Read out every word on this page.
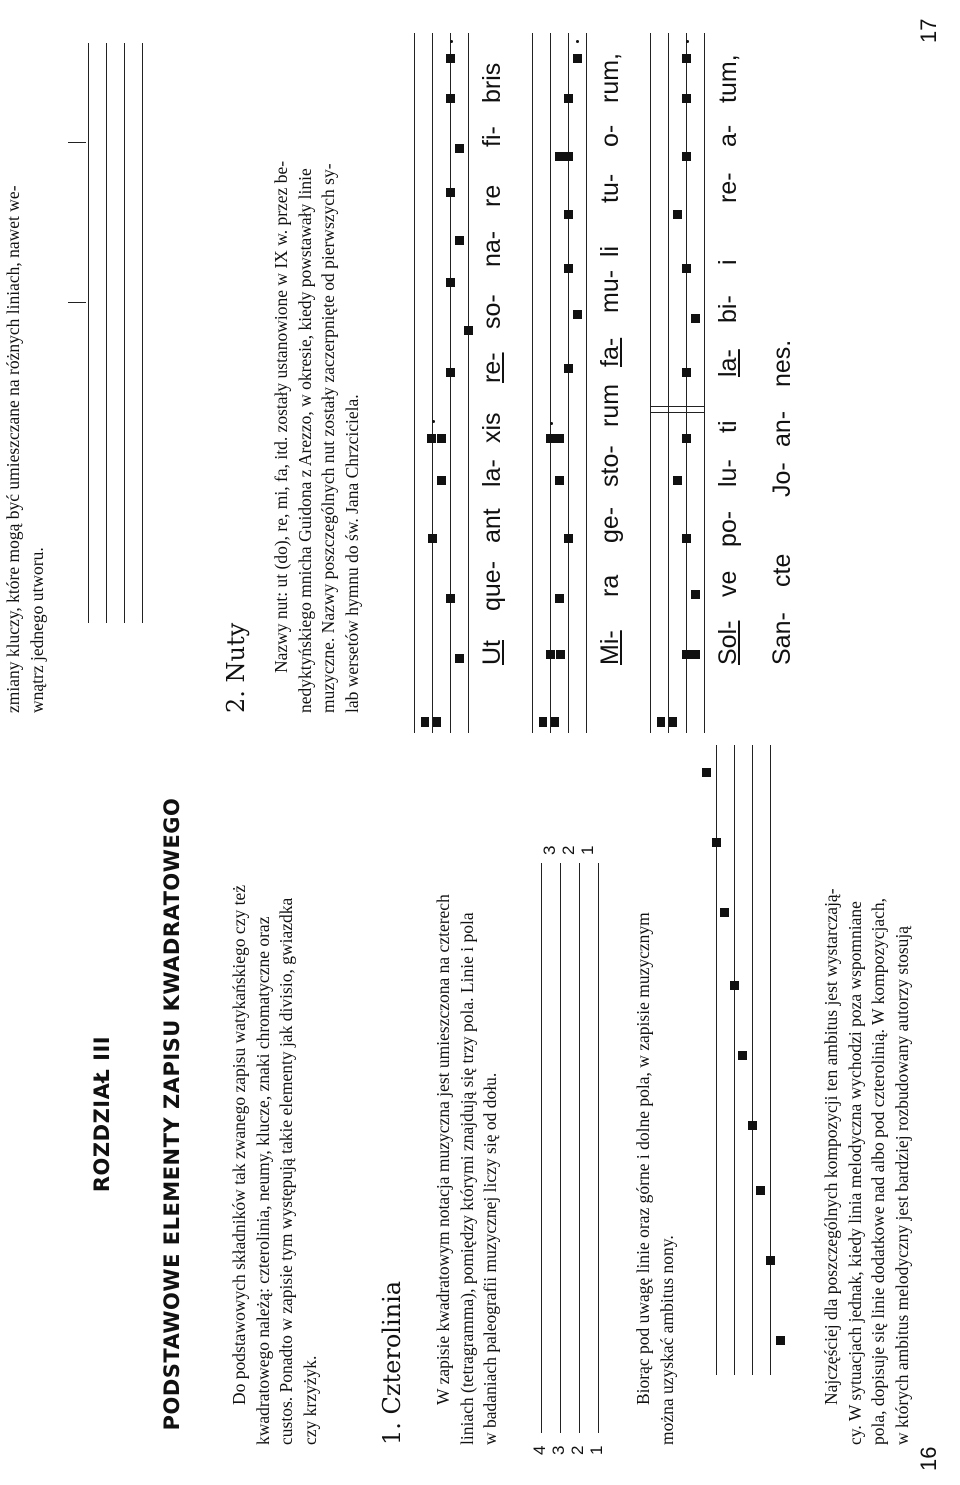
ROZDZIAŁ III PODSTAWOWE ELEMENTY ZAPISU KWADRATOWEGO	Do podstawowych składników tak zwanego zapisu watykańskiego czy też kwadratowego należą: czterolinia, neumy, klucze, znaki chromatyczne oraz custos. Ponadto w zapisie tym występują takie elementy jak divisio, gwiazdka czy krzyżyk. 1. Czterolinia W zapisie kwadratowym notacja muzyczna jest umieszczona na czterech liniach (tetragramma), pomiędzy którymi znajdują się trzy pola. Linie i pola w badaniach paleografii muzycznej liczy się od dołu.

4 3 2 1
3 2 1

Biorąc pod uwagę linie oraz górne i dolne pola, w zapisie muzycznym można uzyskać ambitus nony.	Najczęściej dla poszczególnych kompozycji ten ambitus jest wystarczają- cy. W sytuacjach jednak, kiedy linia melodyczna wychodzi poza wspomniane pola, dopisuje się linie dodatkowe nad albo pod czterolinią. W kompozycjach, w których ambitus melodyczny jest bardziej rozbudowany autorzy stosują

16

zmiany kluczy, które mogą być umieszczane na różnych liniach, nawet we- wnątrz jednego utworu.	2. Nuty Nazwy nut: ut (do), re, mi, fa, itd. zostały ustanowione w IX w. przez be- nedyktyńskiego mnicha Guidona z Arezzo, w okresie, kiedy powstawały linie muzyczne. Nazwy poszczególnych nut zostały zaczerpnięte od pierwszych sy- lab wersetów hymnu do św. Jana Chrzciciela.	Ut
que-
ant
la-
xis
re-
so-
na-
re
fi-
bris
Mi-
ra
ge-
sto-
rum
fa-
mu-
li
tu-
o-
rum,
Sol-
ve
po-
lu-
ti
la-
bi-
i
re-
a-
tum,
San-
cte
Jo-
an-
nes.
17
